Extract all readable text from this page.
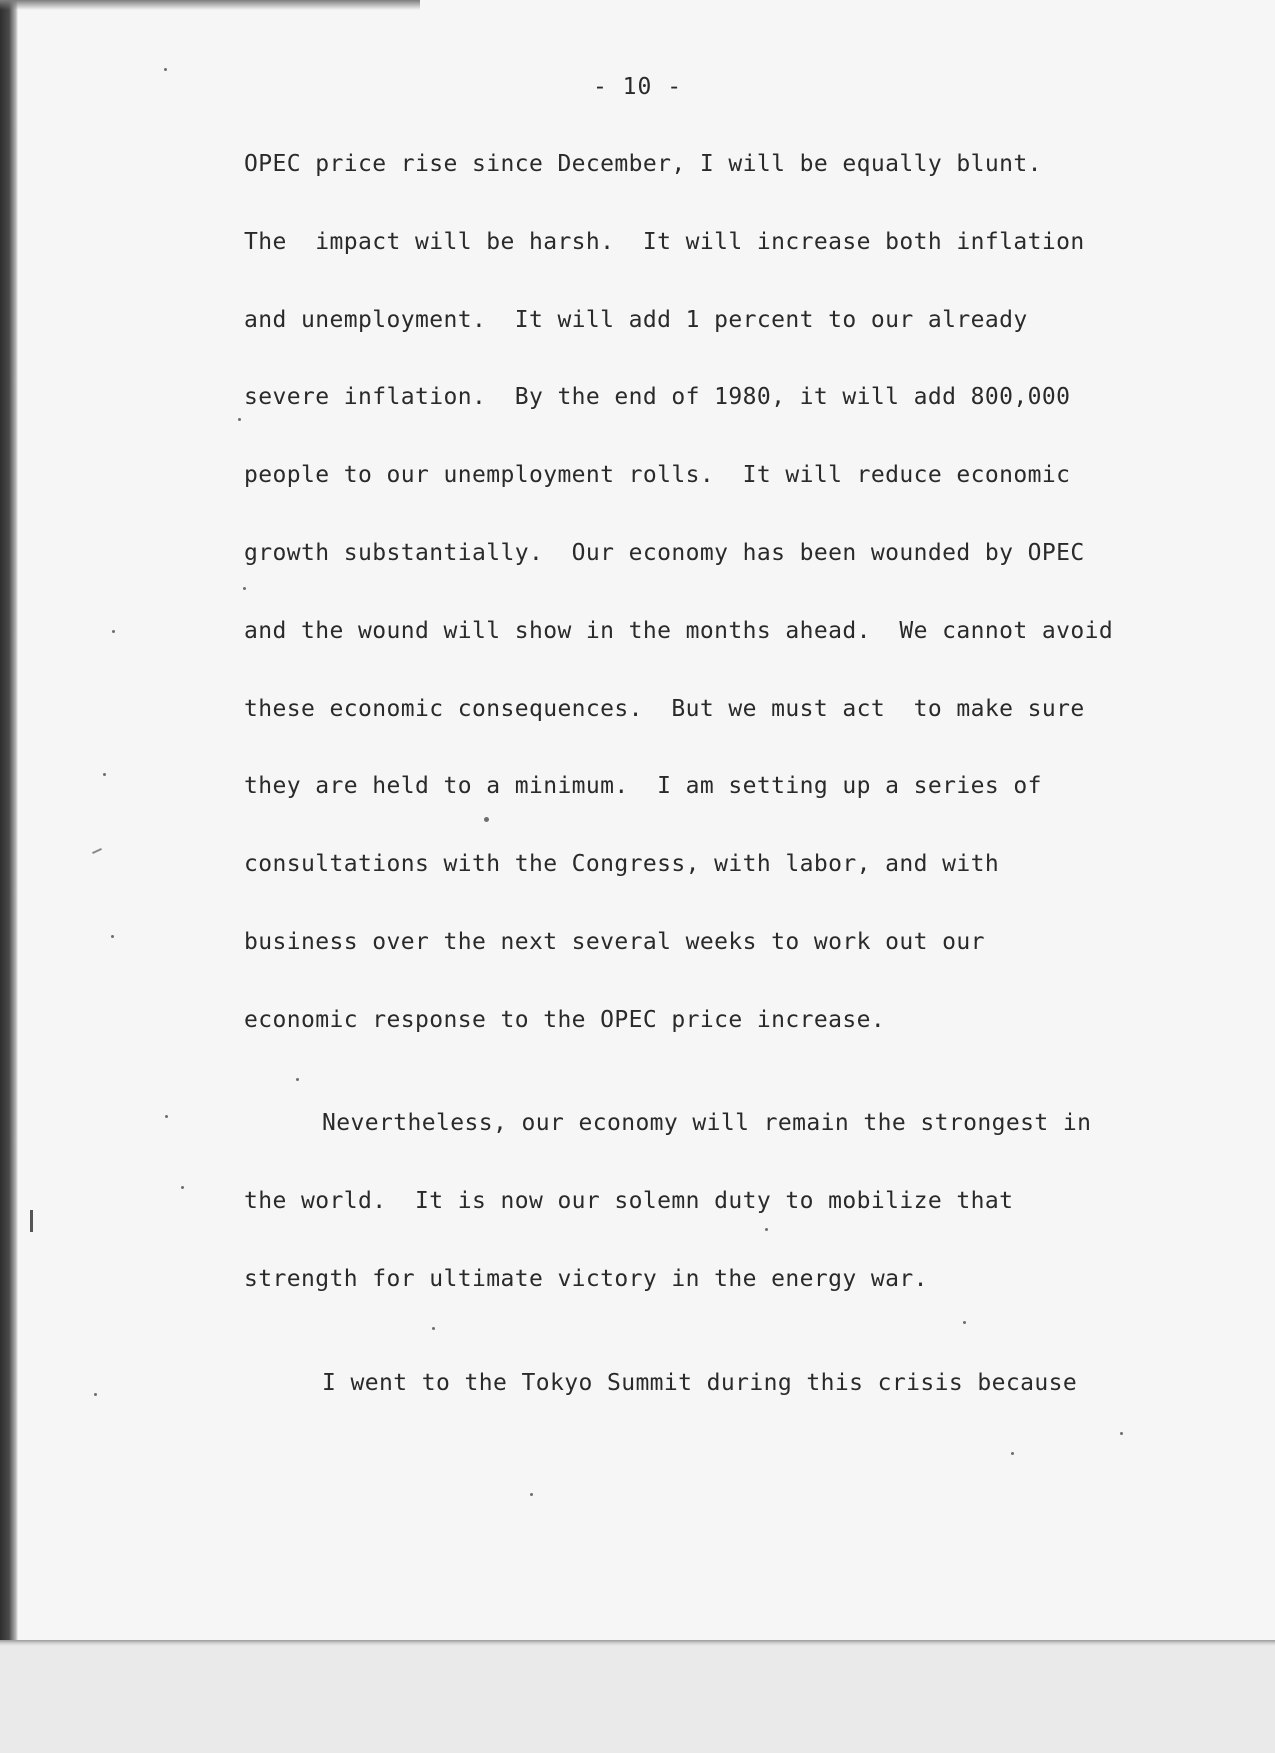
- 10 -
OPEC price rise since December, I will be equally blunt.
The  impact will be harsh.  It will increase both inflation
and unemployment.  It will add 1 percent to our already
severe inflation.  By the end of 1980, it will add 800,000
people to our unemployment rolls.  It will reduce economic
growth substantially.  Our economy has been wounded by OPEC
and the wound will show in the months ahead.  We cannot avoid
these economic consequences.  But we must act  to make sure
they are held to a minimum.  I am setting up a series of
consultations with the Congress, with labor, and with
business over the next several weeks to work out our
economic response to the OPEC price increase.
Nevertheless, our economy will remain the strongest in
the world.  It is now our solemn duty to mobilize that
strength for ultimate victory in the energy war.
I went to the Tokyo Summit during this crisis because
